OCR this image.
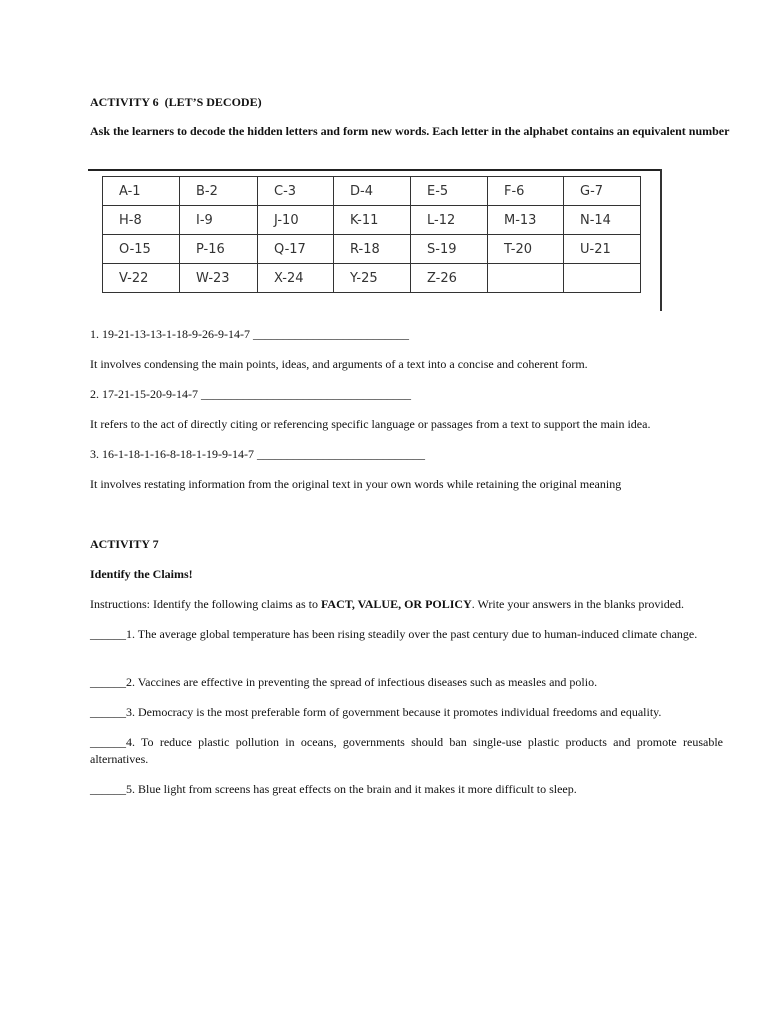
ACTIVITY 6  (LET’S DECODE)
Ask the learners to decode the hidden letters and form new words. Each letter in the alphabet contains an equivalent number
A-1	B-2	C-3	D-4	E-5	F-6	G-7
H-8	I-9	J-10	K-11	L-12	M-13	N-14
O-15	P-16	Q-17	R-18	S-19	T-20	U-21
V-22	W-23	X-24	Y-25	Z-26		
1. 19-21-13-13-1-18-9-26-9-14-7 __________________________
It involves condensing the main points, ideas, and arguments of a text into a concise and coherent form.
2. 17-21-15-20-9-14-7 ___________________________________
It refers to the act of directly citing or referencing specific language or passages from a text to support the main idea.
3. 16-1-18-1-16-8-18-1-19-9-14-7 ____________________________
It involves restating information from the original text in your own words while retaining the original meaning
ACTIVITY 7
Identify the Claims!
Instructions: Identify the following claims as to FACT, VALUE, OR POLICY. Write your answers in the blanks provided.
______1. The average global temperature has been rising steadily over the past century due to human-induced climate change.
______2. Vaccines are effective in preventing the spread of infectious diseases such as measles and polio.
______3. Democracy is the most preferable form of government because it promotes individual freedoms and equality.
______4. To reduce plastic pollution in oceans, governments should ban single-use plastic products and promote reusable alternatives.
______5. Blue light from screens has great effects on the brain and it makes it more difficult to sleep.
